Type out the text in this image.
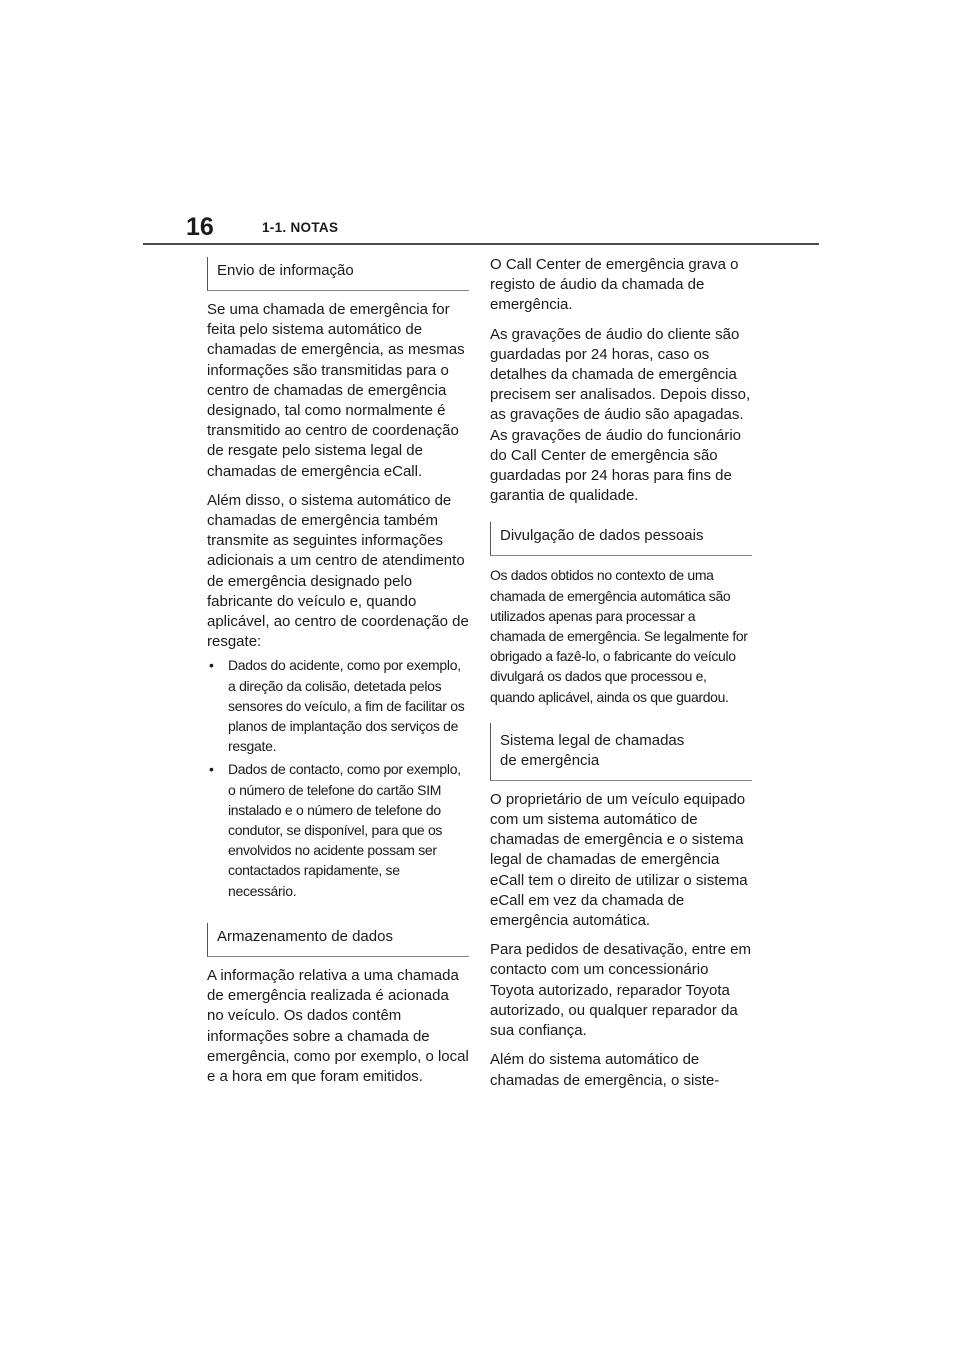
16	1-1. NOTAS
Envio de informação

Se uma chamada de emergência for feita pelo sistema automático de chamadas de emergência, as mesmas informações são transmitidas para o centro de chamadas de emergência designado, tal como normalmente é transmitido ao centro de coordenação de resgate pelo sistema legal de chamadas de emergência eCall.

Além disso, o sistema automático de chamadas de emergência também transmite as seguintes informações adicionais a um centro de atendimento de emergência designado pelo fabricante do veículo e, quando aplicável, ao centro de coordenação de resgate:

• Dados do acidente, como por exemplo, a direção da colisão, detetada pelos sensores do veículo, a fim de facilitar os planos de implantação dos serviços de resgate.
• Dados de contacto, como por exemplo, o número de telefone do cartão SIM instalado e o número de telefone do condutor, se disponível, para que os envolvidos no acidente possam ser contactados rapidamente, se necessário.
Armazenamento de dados

A informação relativa a uma chamada de emergência realizada é acionada no veículo. Os dados contêm informações sobre a chamada de emergência, como por exemplo, o local e a hora em que foram emitidos.

O Call Center de emergência grava o registo de áudio da chamada de emergência.

As gravações de áudio do cliente são guardadas por 24 horas, caso os detalhes da chamada de emergência precisem ser analisados. Depois disso, as gravações de áudio são apagadas. As gravações de áudio do funcionário do Call Center de emergência são guardadas por 24 horas para fins de garantia de qualidade.

Divulgação de dados pessoais

Os dados obtidos no contexto de uma chamada de emergência automática são utilizados apenas para processar a chamada de emergência. Se legalmente for obrigado a fazê-lo, o fabricante do veículo divulgará os dados que processou e, quando aplicável, ainda os que guardou.

Sistema legal de chamadas
de emergência

O proprietário de um veículo equipado com um sistema automático de chamadas de emergência e o sistema legal de chamadas de emergência eCall tem o direito de utilizar o sistema eCall em vez da chamada de emergência automática.

Para pedidos de desativação, entre em contacto com um concessionário Toyota autorizado, reparador Toyota autorizado, ou qualquer reparador da sua confiança.

Além do sistema automático de chamadas de emergência, o siste-
